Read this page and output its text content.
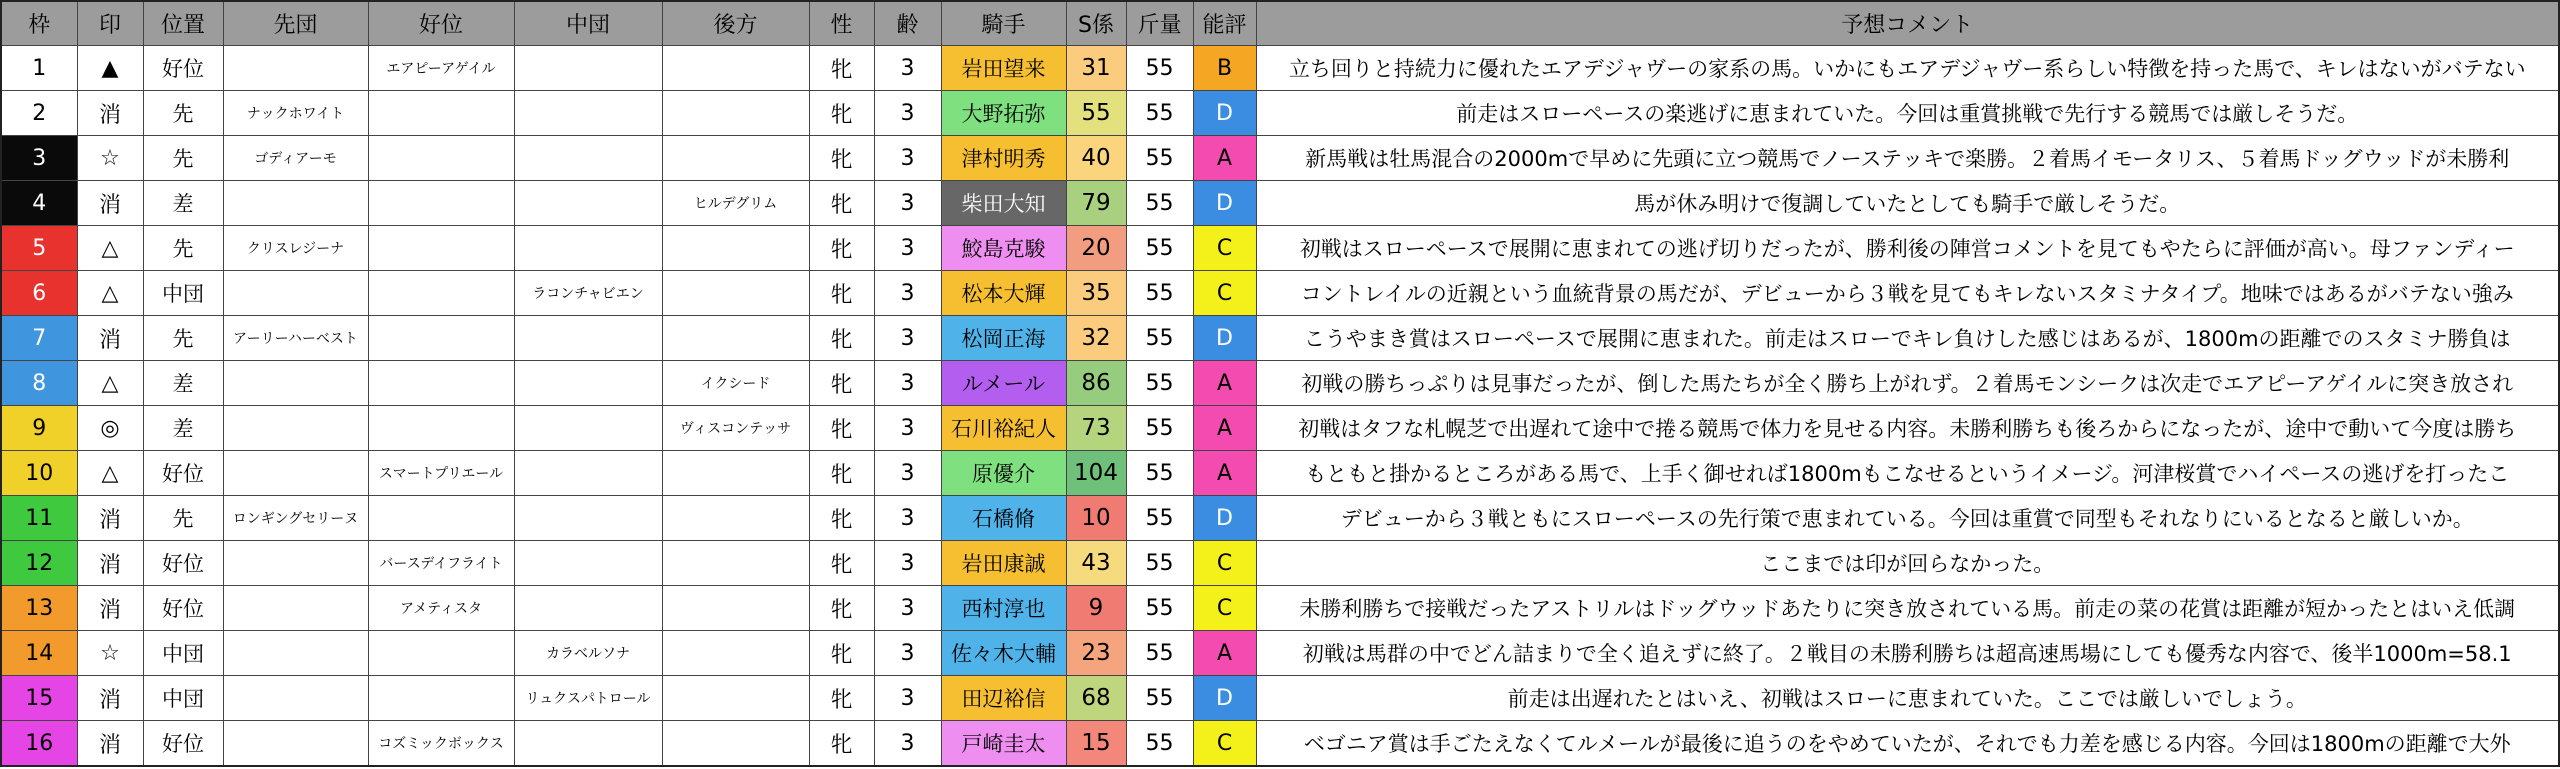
枠	印	位置	先団	好位	中団	後方	性	齢	騎手	S係	斤量	能評	予想コメント
1	▲	好位		エアピーアゲイル			牝	3	岩田望来	31	55	B	立ち回りと持続力に優れたエアデジャヴーの家系の馬。いかにもエアデジャヴー系らしい特徴を持った馬で、キレはないがバテない
2	消	先	ナックホワイト				牝	3	大野拓弥	55	55	D	前走はスローペースの楽逃げに恵まれていた。今回は重賞挑戦で先行する競馬では厳しそうだ。
3	☆	先	ゴディアーモ				牝	3	津村明秀	40	55	A	新馬戦は牡馬混合の2000mで早めに先頭に立つ競馬でノーステッキで楽勝。２着馬イモータリス、５着馬ドッグウッドが未勝利
4	消	差				ヒルデグリム	牝	3	柴田大知	79	55	D	馬が休み明けで復調していたとしても騎手で厳しそうだ。
5	△	先	クリスレジーナ				牝	3	鮫島克駿	20	55	C	初戦はスローペースで展開に恵まれての逃げ切りだったが、勝利後の陣営コメントを見てもやたらに評価が高い。母ファンディー
6	△	中団			ラコンチャビエン		牝	3	松本大輝	35	55	C	コントレイルの近親という血統背景の馬だが、デビューから３戦を見てもキレないスタミナタイプ。地味ではあるがバテない強み
7	消	先	アーリーハーベスト				牝	3	松岡正海	32	55	D	こうやまき賞はスローペースで展開に恵まれた。前走はスローでキレ負けした感じはあるが、1800mの距離でのスタミナ勝負は
8	△	差				イクシード	牝	3	ルメール	86	55	A	初戦の勝ちっぷりは見事だったが、倒した馬たちが全く勝ち上がれず。２着馬モンシークは次走でエアピーアゲイルに突き放され
9	◎	差				ヴィスコンテッサ	牝	3	石川裕紀人	73	55	A	初戦はタフな札幌芝で出遅れて途中で捲る競馬で体力を見せる内容。未勝利勝ちも後ろからになったが、途中で動いて今度は勝ち
10	△	好位		スマートプリエール			牝	3	原優介	104	55	A	もともと掛かるところがある馬で、上手く御せれば1800mもこなせるというイメージ。河津桜賞でハイペースの逃げを打ったこ
11	消	先	ロンギングセリーヌ				牝	3	石橋脩	10	55	D	デビューから３戦ともにスローペースの先行策で恵まれている。今回は重賞で同型もそれなりにいるとなると厳しいか。
12	消	好位		バースデイフライト			牝	3	岩田康誠	43	55	C	ここまでは印が回らなかった。
13	消	好位		アメティスタ			牝	3	西村淳也	9	55	C	未勝利勝ちで接戦だったアストリルはドッグウッドあたりに突き放されている馬。前走の菜の花賞は距離が短かったとはいえ低調
14	☆	中団			カラベルソナ		牝	3	佐々木大輔	23	55	A	初戦は馬群の中でどん詰まりで全く追えずに終了。２戦目の未勝利勝ちは超高速馬場にしても優秀な内容で、後半1000m=58.1
15	消	中団			リュクスパトロール		牝	3	田辺裕信	68	55	D	前走は出遅れたとはいえ、初戦はスローに恵まれていた。ここでは厳しいでしょう。
16	消	好位		コズミックボックス			牝	3	戸崎圭太	15	55	C	ベゴニア賞は手ごたえなくてルメールが最後に追うのをやめていたが、それでも力差を感じる内容。今回は1800mの距離で大外
